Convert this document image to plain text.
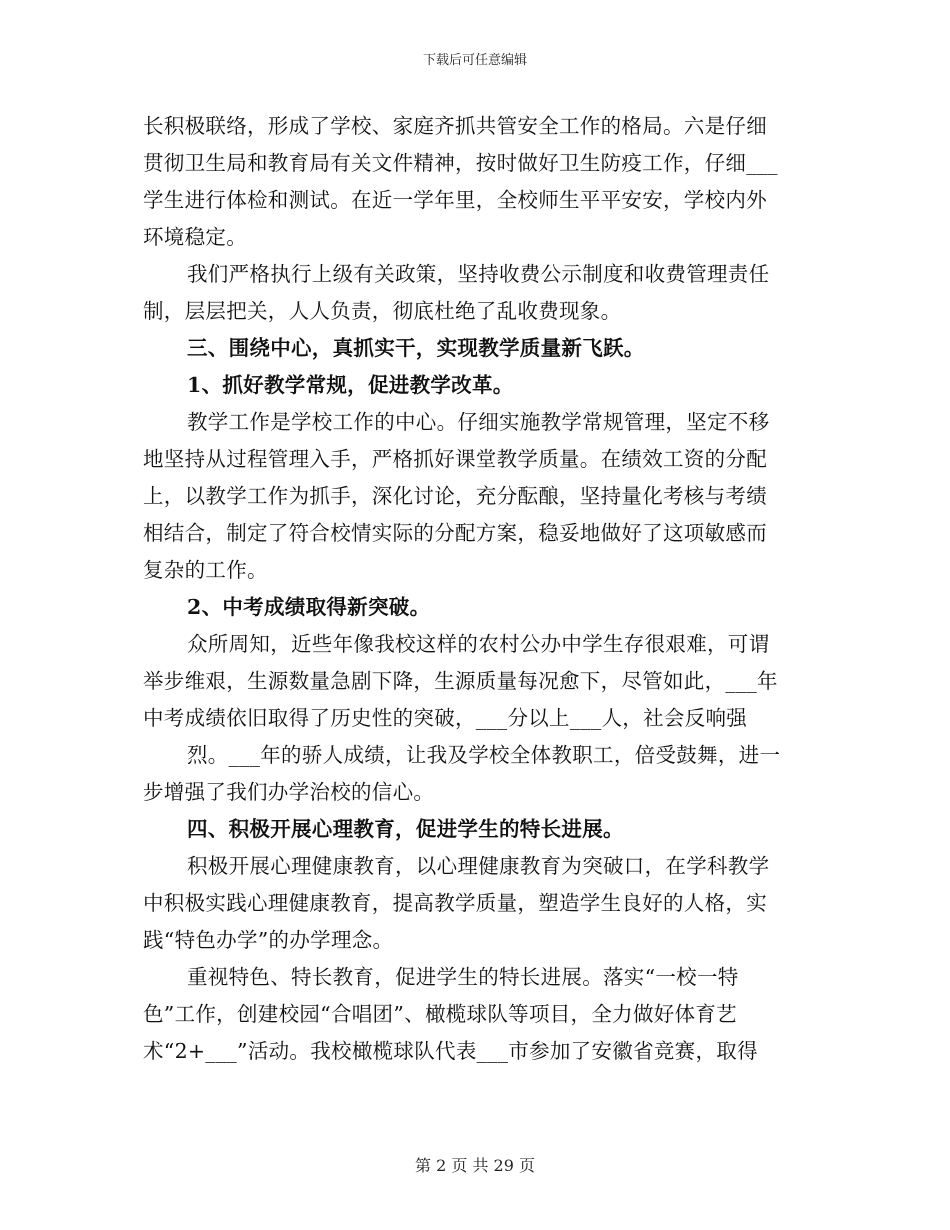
下载后可任意编辑
长积极联络，形成了学校、家庭齐抓共管安全工作的格局。六是仔细
贯彻卫生局和教育局有关文件精神，按时做好卫生防疫工作，仔细___
学生进行体检和测试。在近一学年里，全校师生平平安安，学校内外
环境稳定。
我们严格执行上级有关政策，坚持收费公示制度和收费管理责任
制，层层把关，人人负责，彻底杜绝了乱收费现象。
三、围绕中心，真抓实干，实现教学质量新飞跃。
1、抓好教学常规，促进教学改革。
教学工作是学校工作的中心。仔细实施教学常规管理，坚定不移
地坚持从过程管理入手，严格抓好课堂教学质量。在绩效工资的分配
上，以教学工作为抓手，深化讨论，充分酝酿，坚持量化考核与考绩
相结合，制定了符合校情实际的分配方案，稳妥地做好了这项敏感而
复杂的工作。
2、中考成绩取得新突破。
众所周知，近些年像我校这样的农村公办中学生存很艰难，可谓
举步维艰，生源数量急剧下降，生源质量每况愈下，尽管如此，___年
中考成绩依旧取得了历史性的突破，___分以上___人，社会反响强
烈。___年的骄人成绩，让我及学校全体教职工，倍受鼓舞，进一
步增强了我们办学治校的信心。
四、积极开展心理教育，促进学生的特长进展。
积极开展心理健康教育，以心理健康教育为突破口，在学科教学
中积极实践心理健康教育，提高教学质量，塑造学生良好的人格，实
践“特色办学”的办学理念。
重视特色、特长教育，促进学生的特长进展。落实“一校一特
色”工作，创建校园“合唱团”、橄榄球队等项目，全力做好体育艺
术“2+___”活动。我校橄榄球队代表___市参加了安徽省竞赛，取得
第 2 页 共 29 页
